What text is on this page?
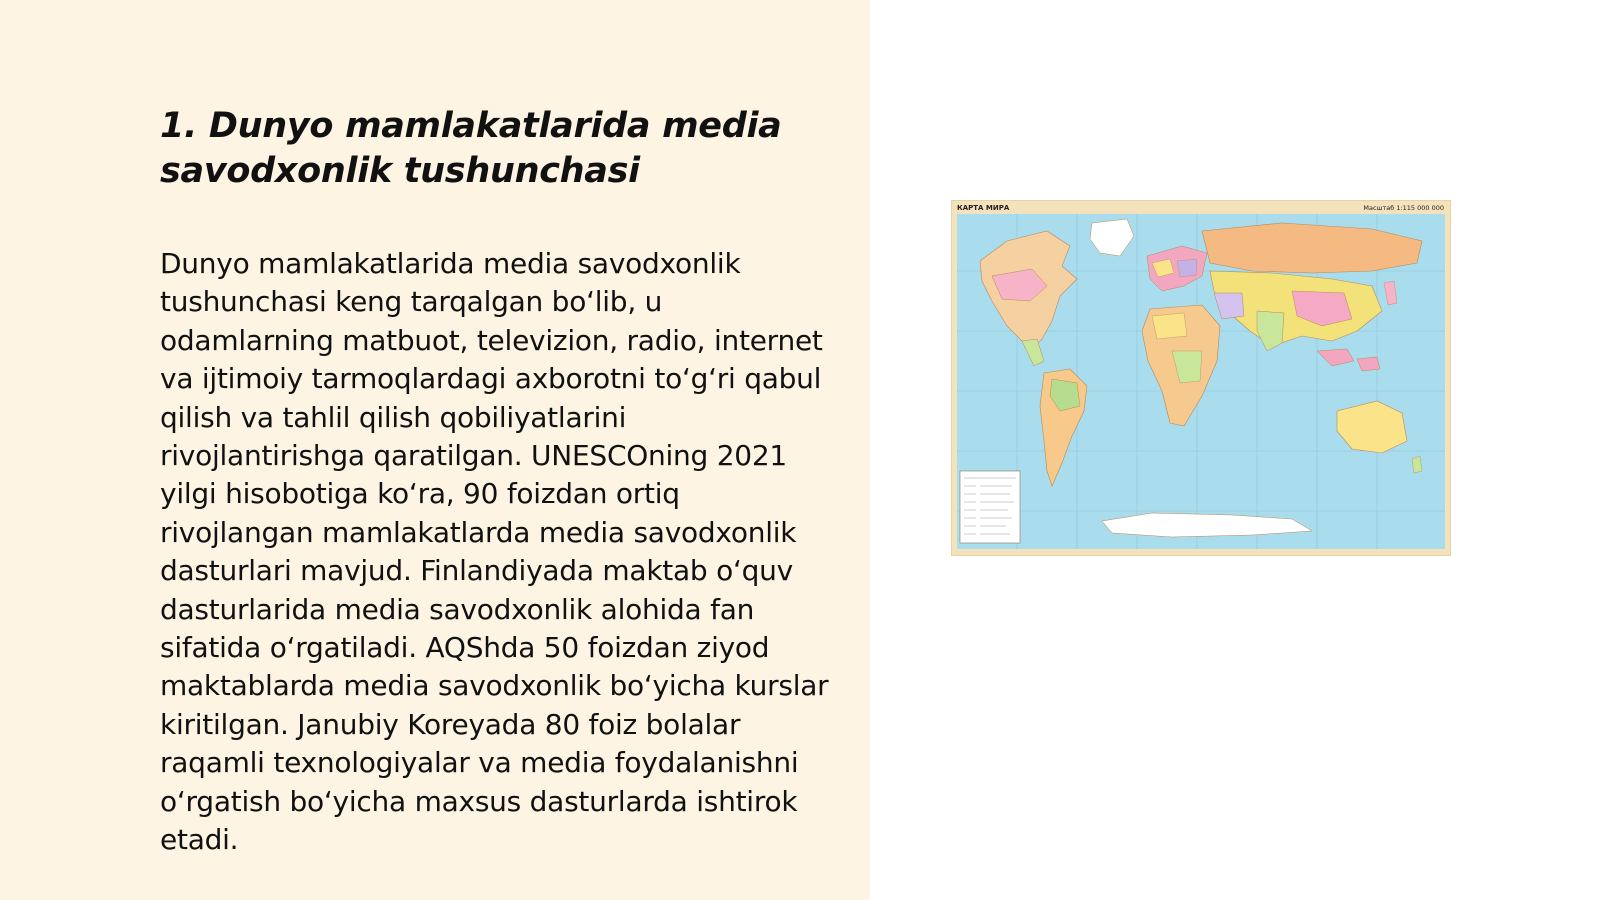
1. Dunyo mamlakatlarida media savodxonlik tushunchasi

Dunyo mamlakatlarida media savodxonlik tushunchasi keng tarqalgan bo‘lib, u odamlarning matbuot, televizion, radio, internet va ijtimoiy tarmoqlardagi axborotni to‘g‘ri qabul qilish va tahlil qilish qobiliyatlarini rivojlantirishga qaratilgan. UNESCOning 2021 yilgi hisobotiga ko‘ra, 90 foizdan ortiq rivojlangan mamlakatlarda media savodxonlik dasturlari mavjud. Finlandiyada maktab o‘quv dasturlarida media savodxonlik alohida fan sifatida o‘rgatiladi. AQShda 50 foizdan ziyod maktablarda media savodxonlik bo‘yicha kurslar kiritilgan. Janubiy Koreyada 80 foiz bolalar raqamli texnologiyalar va media foydalanishni o‘rgatish bo‘yicha maxsus dasturlarda ishtirok etadi.

КАРТА МИРА	Масштаб 1:115 000 000
